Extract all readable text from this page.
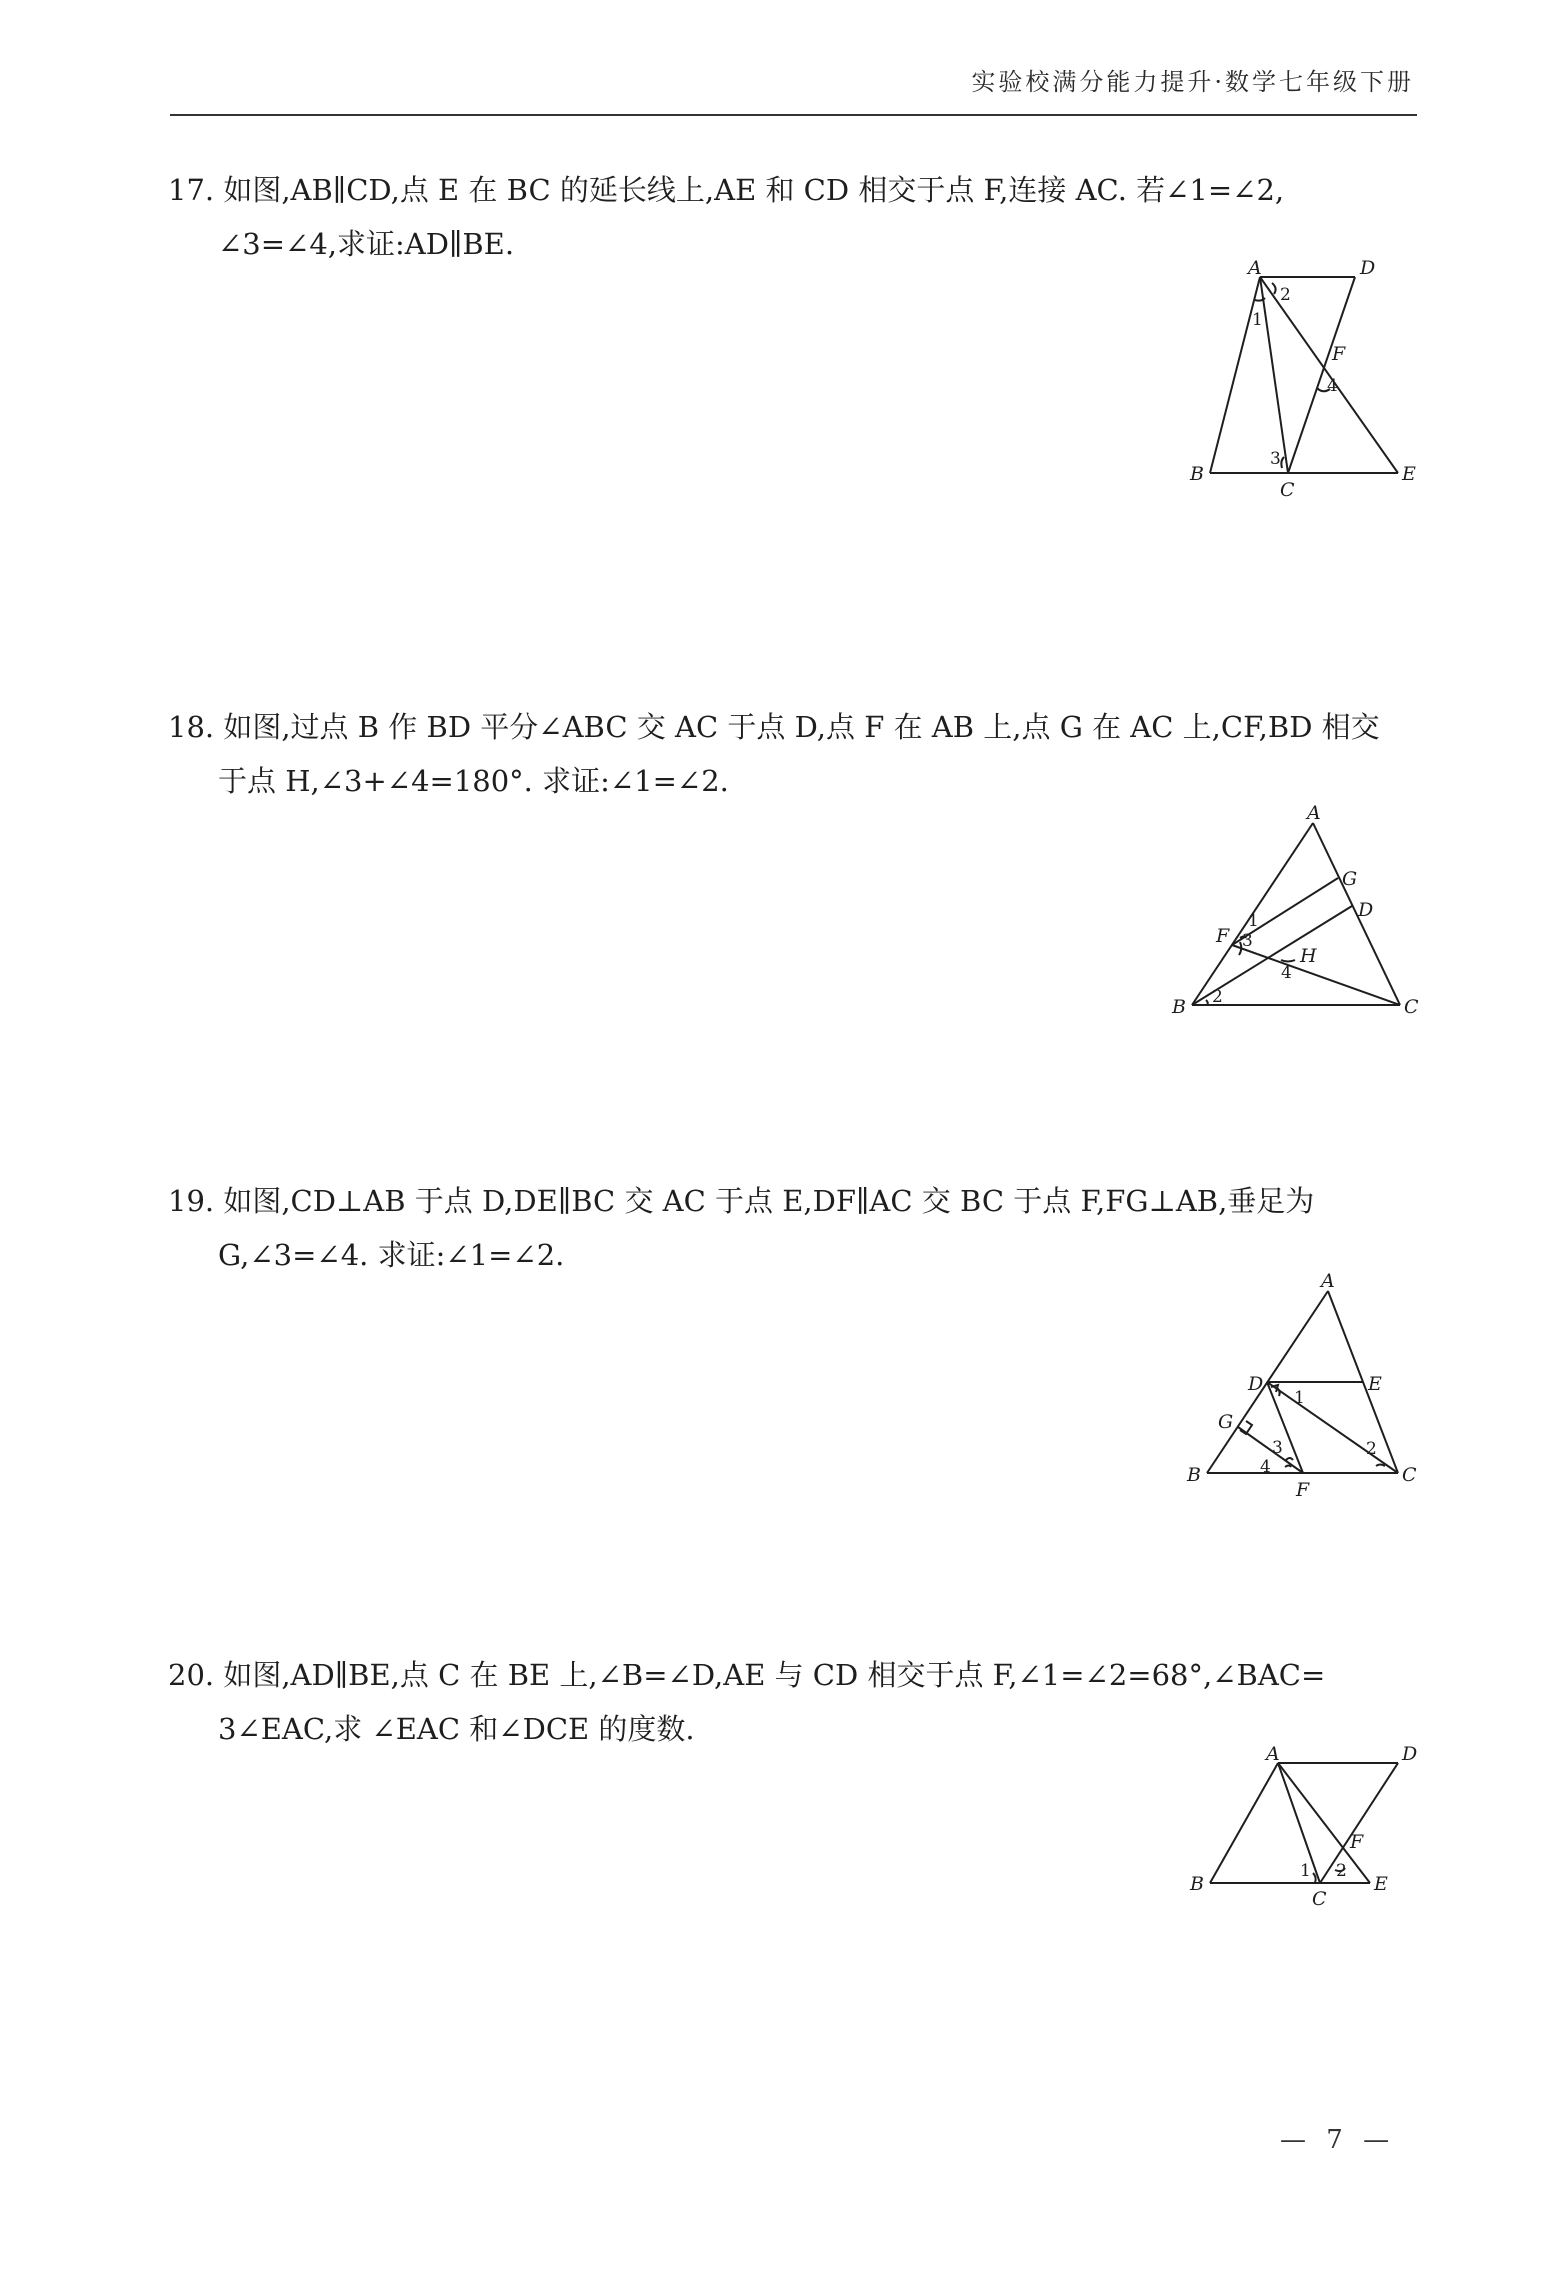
实验校满分能力提升·数学七年级下册
17. 如图,AB∥CD,点 E 在 BC 的延长线上,AE 和 CD 相交于点 F,连接 AC. 若∠1=∠2,
∠3=∠4,求证:AD∥BE.
A	D
B
C
E
F
1
2
3
4
18. 如图,过点 B 作 BD 平分∠ABC 交 AC 于点 D,点 F 在 AB 上,点 G 在 AC 上,CF,BD 相交
于点 H,∠3+∠4=180°. 求证:∠1=∠2.
A
G
D
F
H
B	C
1
2
3
4
19. 如图,CD⊥AB 于点 D,DE∥BC 交 AC 于点 E,DF∥AC 交 BC 于点 F,FG⊥AB,垂足为
G,∠3=∠4. 求证:∠1=∠2.
A
D	E
G
B
F
C
1
2
3
4
20. 如图,AD∥BE,点 C 在 BE 上,∠B=∠D,AE 与 CD 相交于点 F,∠1=∠2=68°,∠BAC=
3∠EAC,求 ∠EAC 和∠DCE 的度数.
A	D
B
C
E
F
1 2
— 7 —
